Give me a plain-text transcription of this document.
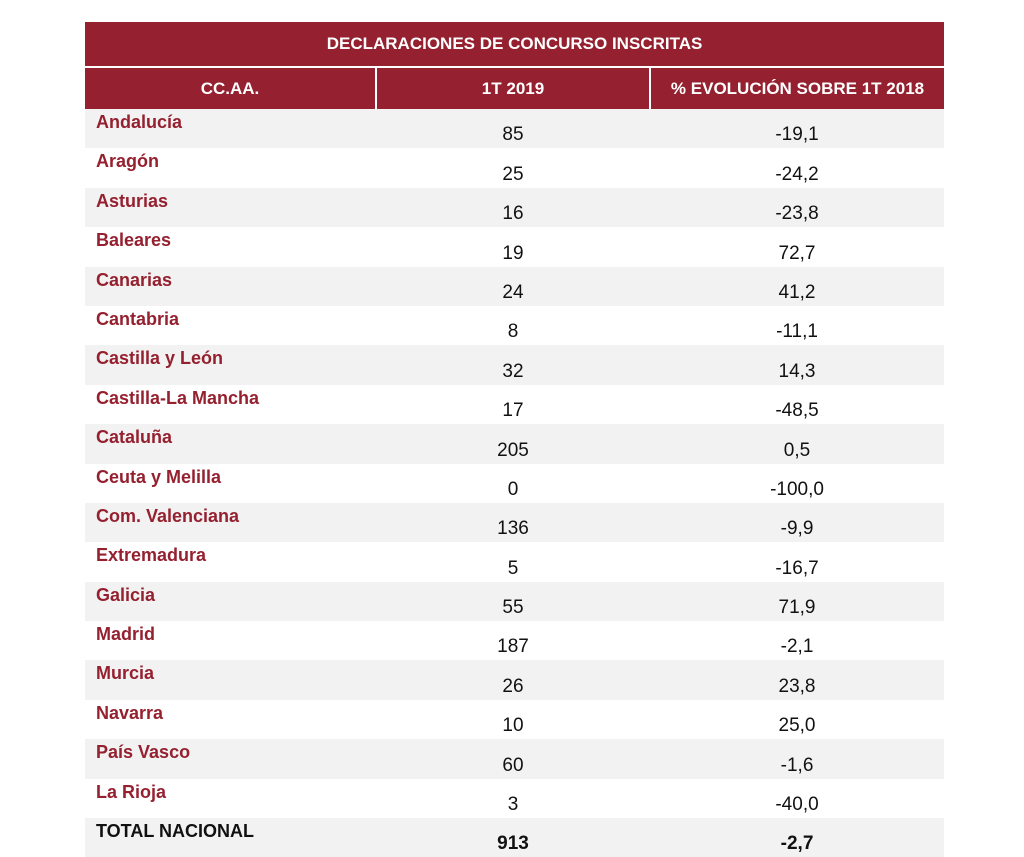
DECLARACIONES DE CONCURSO INSCRITAS		
CC.AA.	1T 2019	% EVOLUCIÓN SOBRE 1T 2018
Andalucía	85	-19,1
Aragón	25	-24,2
Asturias	16	-23,8
Baleares	19	72,7
Canarias	24	41,2
Cantabria	8	-11,1
Castilla y León	32	14,3
Castilla-La Mancha	17	-48,5
Cataluña	205	0,5
Ceuta y Melilla	0	-100,0
Com. Valenciana	136	-9,9
Extremadura	5	-16,7
Galicia	55	71,9
Madrid	187	-2,1
Murcia	26	23,8
Navarra	10	25,0
País Vasco	60	-1,6
La Rioja	3	-40,0
TOTAL NACIONAL	913	-2,7
